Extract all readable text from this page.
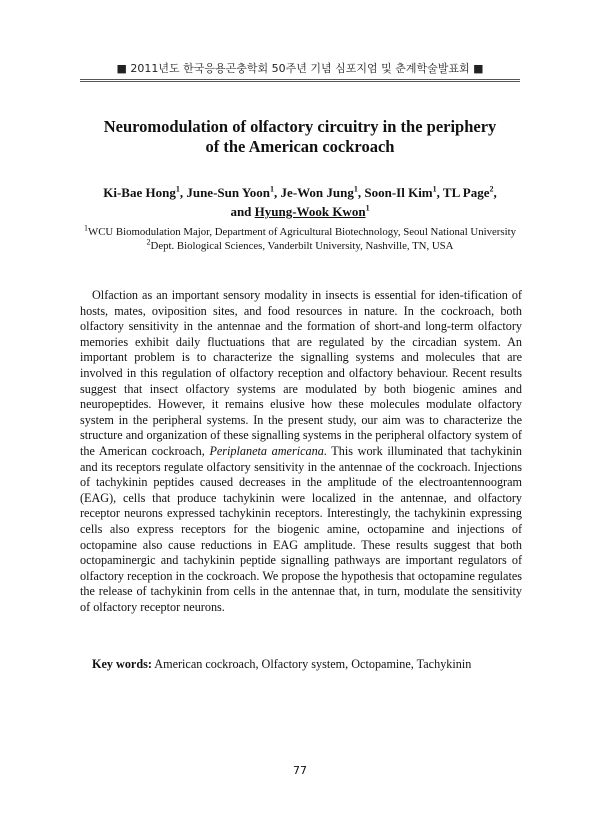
■ 2011년도 한국응용곤충학회 50주년 기념 심포지엄 및 춘계학술발표회 ■
Neuromodulation of olfactory circuitry in the periphery
of the American cockroach
Ki-Bae Hong$^1$, June-Sun Yoon$^1$, Je-Won Jung$^1$, Soon-Il Kim$^1$, TL Page$^2$,
and Hyung-Wook Kwon$^1$
$^1$WCU Biomodulation Major, Department of Agricultural Biotechnology, Seoul National University
$^2$Dept. Biological Sciences, Vanderbilt University, Nashville, TN, USA

Olfaction as an important sensory modality in insects is essential for iden-tification of hosts, mates, oviposition sites, and food resources in nature. In the cockroach, both olfactory sensitivity in the antennae and the formation of short-and long-term olfactory memories exhibit daily fluctuations that are regulated by the circadian system. An important problem is to characterize the signalling systems and molecules that are involved in this regulation of olfactory reception and olfactory behaviour. Recent results suggest that insect olfactory systems are modulated by both biogenic amines and neuropeptides. However, it remains elusive how these molecules modulate olfactory system in the peripheral systems. In the present study, our aim was to characterize the structure and organization of these signalling systems in the peripheral olfactory system of the American cockroach, Periplaneta americana. This work illuminated that tachykinin and its receptors regulate olfactory sensitivity in the antennae of the cockroach. Injections of tachykinin peptides caused decreases in the amplitude of the electroantennoogram (EAG), cells that produce tachykinin were localized in the antennae, and olfactory receptor neurons expressed tachykinin receptors. Interestingly, the tachykinin expressing cells also express receptors for the biogenic amine, octopamine and injections of octopamine also cause reductions in EAG amplitude. These results suggest that both octopaminergic and tachykinin peptide signalling pathways are important regulators of olfactory reception in the cockroach. We propose the hypothesis that octopamine regulates the release of tachykinin from cells in the antennae that, in turn, modulate the sensitivity of olfactory receptor neurons.

Key words: American cockroach, Olfactory system, Octopamine, Tachykinin
77
